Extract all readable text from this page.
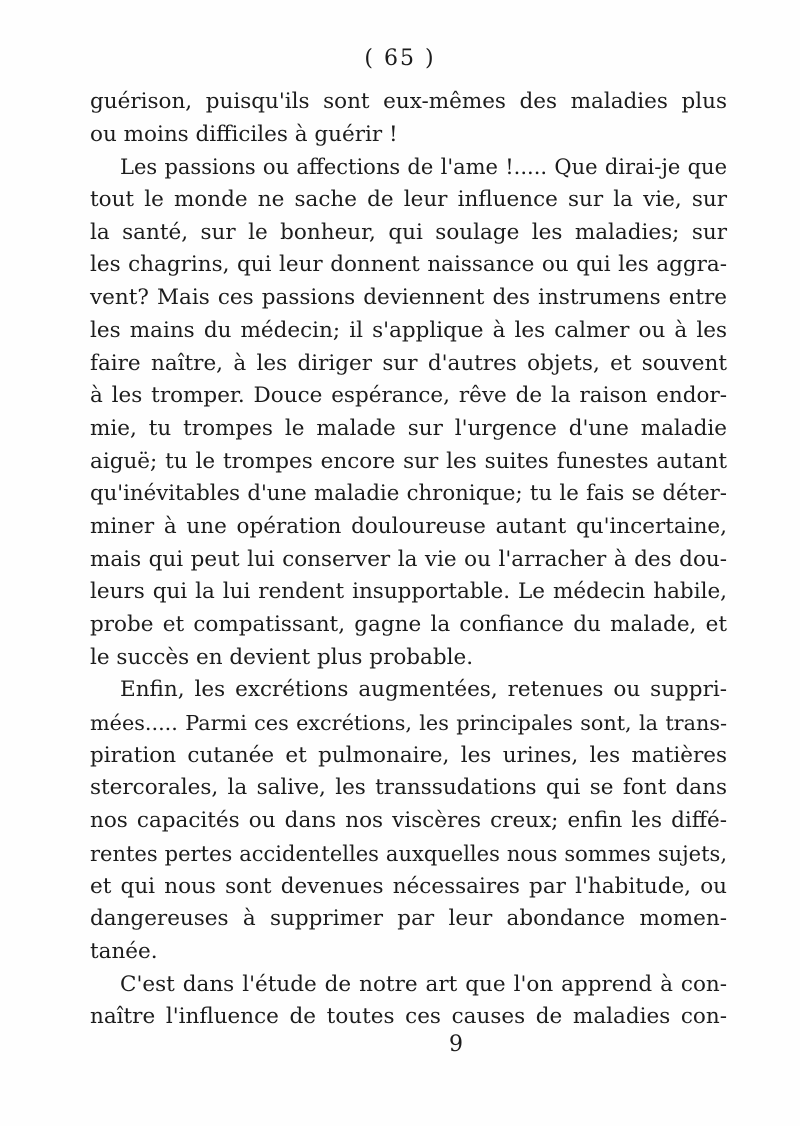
( 65 )
guérison, puisqu'ils sont eux-mêmes des maladies plus
ou moins difficiles à guérir !
Les passions ou affections de l'ame !..... Que dirai-je que
tout le monde ne sache de leur influence sur la vie, sur
la santé, sur le bonheur, qui soulage les maladies; sur
les chagrins, qui leur donnent naissance ou qui les aggra-
vent? Mais ces passions deviennent des instrumens entre
les mains du médecin; il s'applique à les calmer ou à les
faire naître, à les diriger sur d'autres objets, et souvent
à les tromper. Douce espérance, rêve de la raison endor-
mie, tu trompes le malade sur l'urgence d'une maladie
aiguë; tu le trompes encore sur les suites funestes autant
qu'inévitables d'une maladie chronique; tu le fais se déter-
miner à une opération douloureuse autant qu'incertaine,
mais qui peut lui conserver la vie ou l'arracher à des dou-
leurs qui la lui rendent insupportable. Le médecin habile,
probe et compatissant, gagne la confiance du malade, et
le succès en devient plus probable.
Enfin, les excrétions augmentées, retenues ou suppri-
mées..... Parmi ces excrétions, les principales sont, la trans-
piration cutanée et pulmonaire, les urines, les matières
stercorales, la salive, les transsudations qui se font dans
nos capacités ou dans nos viscères creux; enfin les diffé-
rentes pertes accidentelles auxquelles nous sommes sujets,
et qui nous sont devenues nécessaires par l'habitude, ou
dangereuses à supprimer par leur abondance momen-
tanée.
C'est dans l'étude de notre art que l'on apprend à con-
naître l'influence de toutes ces causes de maladies con-
9
